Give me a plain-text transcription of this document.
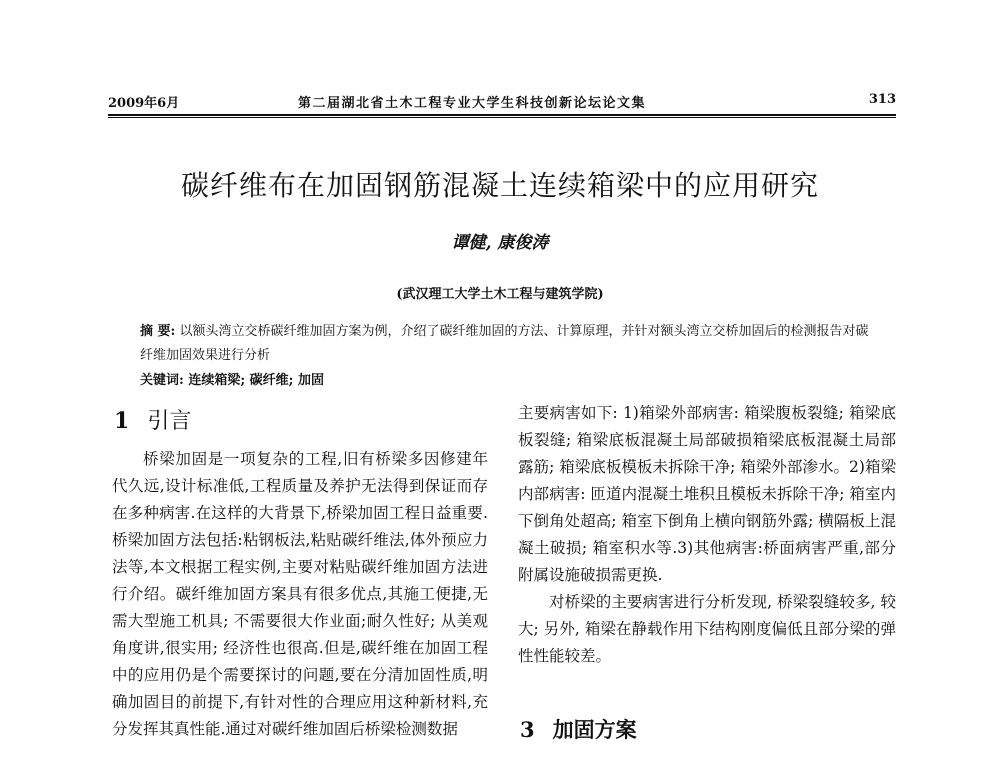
2009年6月	第二届湖北省土木工程专业大学生科技创新论坛论文集	313
碳纤维布在加固钢筋混凝土连续箱梁中的应用研究
谭健, 康俊涛
(武汉理工大学土木工程与建筑学院)
摘 要: 以额头湾立交桥碳纤维加固方案为例，介绍了碳纤维加固的方法、计算原理，并针对额头湾立交桥加固后的检测报告对碳纤维加固效果进行分析
关键词: 连续箱梁; 碳纤维; 加固
1 引言

桥梁加固是一项复杂的工程,旧有桥梁多因修建年代久远,设计标准低,工程质量及养护无法得到保证而存在多种病害.在这样的大背景下,桥梁加固工程日益重要.桥梁加固方法包括:粘钢板法,粘贴碳纤维法,体外预应力法等,本文根据工程实例,主要对粘贴碳纤维加固方法进行介绍。碳纤维加固方案具有很多优点,其施工便捷,无需大型施工机具; 不需要很大作业面;耐久性好; 从美观角度讲,很实用; 经济性也很高.但是,碳纤维在加固工程中的应用仍是个需要探讨的问题,要在分清加固性质,明确加固目的前提下,有针对性的合理应用这种新材料,充分发挥其真性能.通过对碳纤维加固后桥梁检测数据

主要病害如下: 1)箱梁外部病害: 箱梁腹板裂缝; 箱梁底板裂缝; 箱梁底板混凝土局部破损箱梁底板混凝土局部露筋; 箱梁底板模板未拆除干净; 箱梁外部渗水。2)箱梁内部病害: 匝道内混凝土堆积且模板未拆除干净; 箱室内下倒角处超高; 箱室下倒角上横向钢筋外露; 横隔板上混凝土破损; 箱室积水等.3)其他病害:桥面病害严重,部分附属设施破损需更换.

对桥梁的主要病害进行分析发现, 桥梁裂缝较多, 较大; 另外, 箱梁在静载作用下结构刚度偏低且部分梁的弹性性能较差。

3 加固方案
